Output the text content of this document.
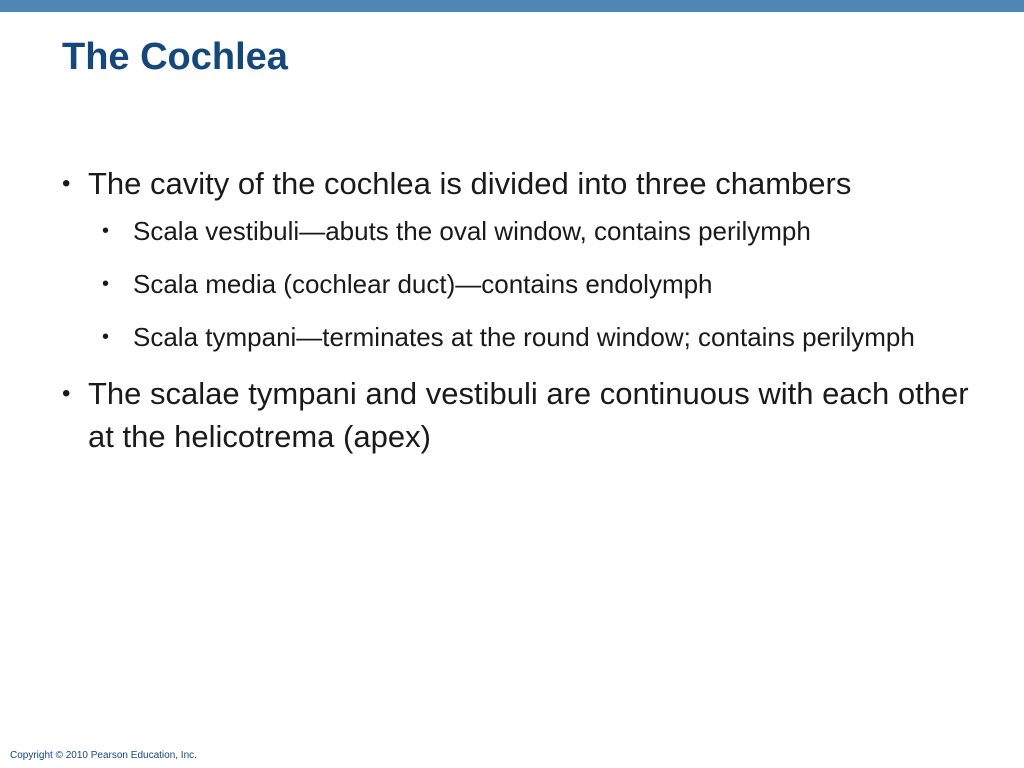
The Cochlea
• The cavity of the cochlea is divided into three chambers
• Scala vestibuli—abuts the oval window, contains perilymph
• Scala media (cochlear duct)—contains endolymph
• Scala tympani—terminates at the round window; contains perilymph
• The scalae tympani and vestibuli are continuous with each other at the helicotrema (apex)
Copyright © 2010 Pearson Education, Inc.
